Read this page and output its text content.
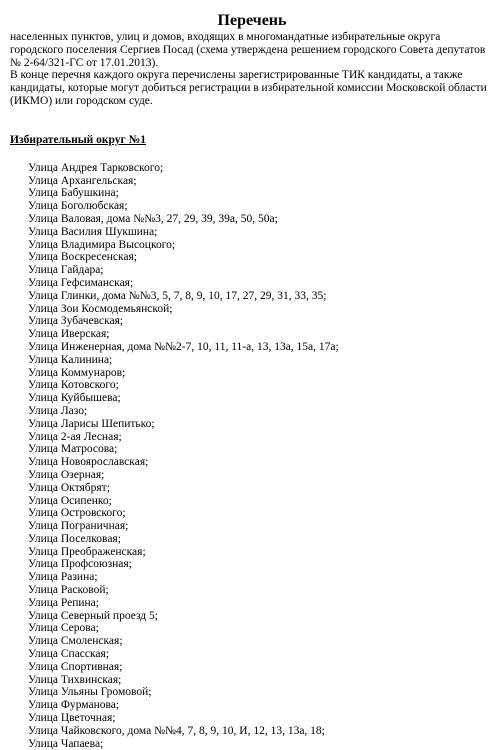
Перечень

населенных пунктов, улиц и домов, входящих в многомандатные избирательные округа городского поселения Сергиев Посад (схема утверждена решением городского Совета депутатов № 2-64/321-ГС от 17.01.2013).

В конце перечня каждого округа перечислены зарегистрированные ТИК кандидаты, а также кандидаты, которые могут добиться регистрации в избирательной комиссии Московской области (ИКМО) или городском суде.

Избирательный округ №1
Улица Андрея Тарковского;
Улица Архангельская;
Улица Бабушкина;
Улица Боголюбская;
Улица Валовая, дома №№3, 27, 29, 39, 39а, 50, 50а;
Улица Василия Шукшина;
Улица Владимира Высоцкого;
Улица Воскресенская;
Улица Гайдара;
Улица Гефсиманская;
Улица Глинки, дома №№3, 5, 7, 8, 9, 10, 17, 27, 29, 31, 33, 35;
Улица Зои Космодемьянской;
Улица Зубачевская;
Улица Иверская;
Улица Инженерная, дома №№2-7, 10, 11, 11-а, 13, 13а, 15а, 17а;
Улица Калинина;
Улица Коммунаров;
Улица Котовского;
Улица Куйбышева;
Улица Лазо;
Улица Ларисы Шепитько;
Улица 2-ая Лесная;
Улица Матросова;
Улица Новоярославская;
Улица Озерная;
Улица Октябрят;
Улица Осипенко;
Улица Островского;
Улица Пограничная;
Улица Поселковая;
Улица Преображенская;
Улица Профсоюзная;
Улица Разина;
Улица Расковой;
Улица Репина;
Улица Северный проезд 5;
Улица Серова;
Улица Смоленская;
Улица Спасская;
Улица Спортивная;
Улица Тихвинская;
Улица Ульяны Громовой;
Улица Фурманова;
Улица Цветочная;
Улица Чайковского, дома №№4, 7, 8, 9, 10, И, 12, 13, 13а, 18;
Улица Чапаева;
